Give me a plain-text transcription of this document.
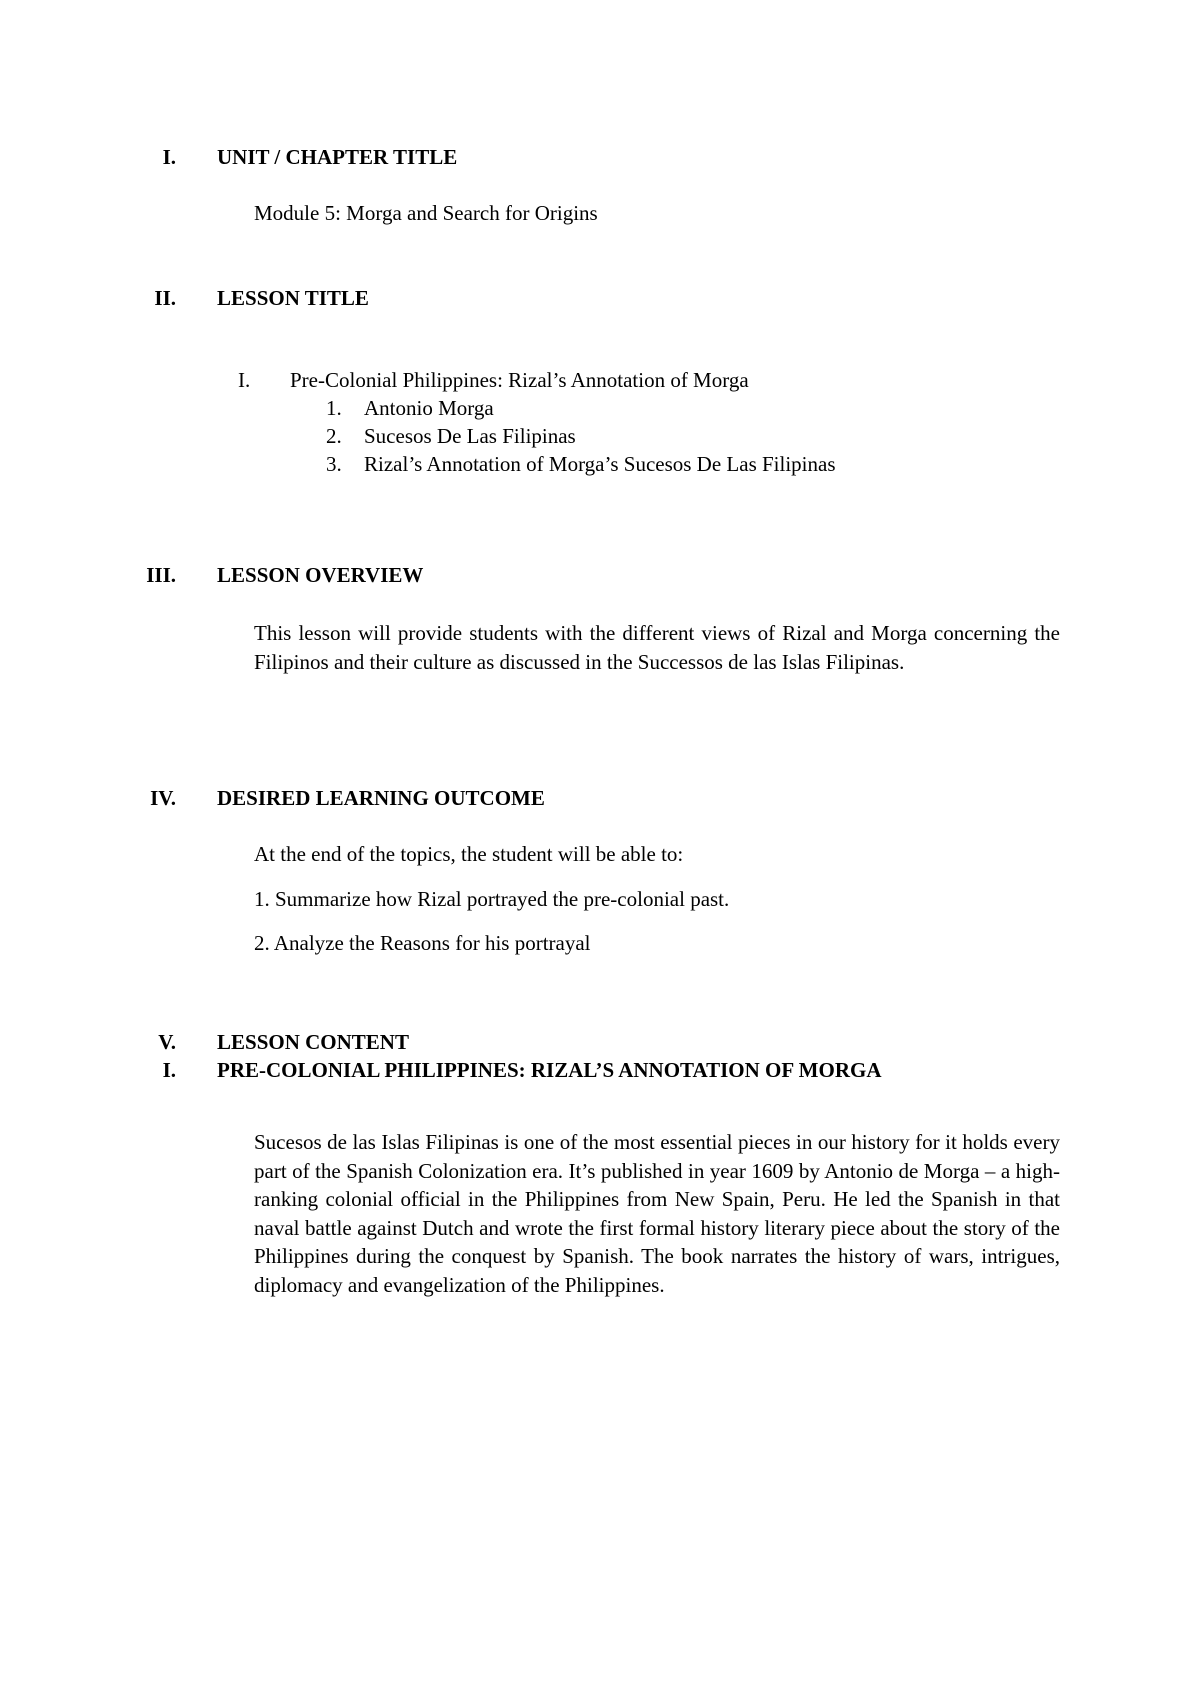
I. UNIT / CHAPTER TITLE
Module 5: Morga and Search for Origins
II. LESSON TITLE
I. Pre-Colonial Philippines: Rizal’s Annotation of Morga
1. Antonio Morga
2. Sucesos De Las Filipinas
3. Rizal’s Annotation of Morga’s Sucesos De Las Filipinas
III. LESSON OVERVIEW
This lesson will provide students with the different views of Rizal and Morga concerning the Filipinos and their culture as discussed in the Successos de las Islas Filipinas.
IV. DESIRED LEARNING OUTCOME
At the end of the topics, the student will be able to:
1. Summarize how Rizal portrayed the pre-colonial past.
2. Analyze the Reasons for his portrayal
V. LESSON CONTENT
I. PRE-COLONIAL PHILIPPINES: RIZAL’S ANNOTATION OF MORGA
Sucesos de las Islas Filipinas is one of the most essential pieces in our history for it holds every part of the Spanish Colonization era. It’s published in year 1609 by Antonio de Morga – a high-ranking colonial official in the Philippines from New Spain, Peru. He led the Spanish in that naval battle against Dutch and wrote the first formal history literary piece about the story of the Philippines during the conquest by Spanish. The book narrates the history of wars, intrigues, diplomacy and evangelization of the Philippines.
